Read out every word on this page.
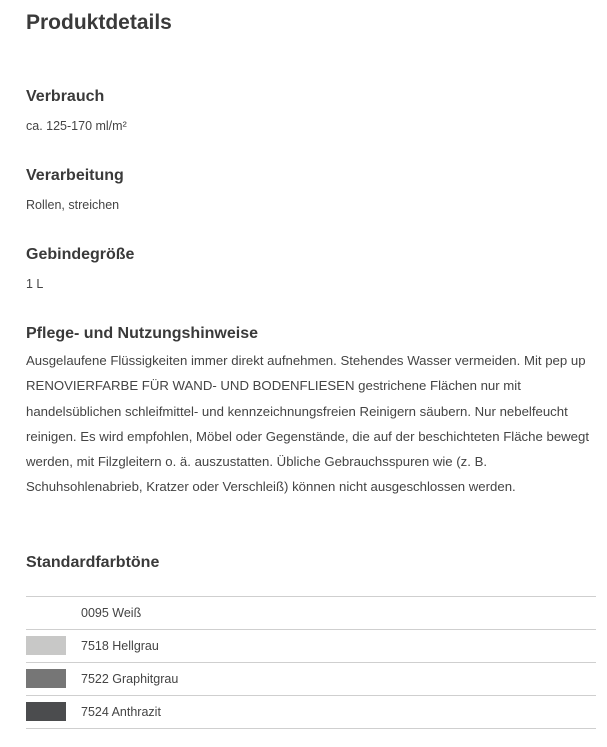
Produktdetails
Verbrauch

ca. 125-170 ml/m²

Verarbeitung

Rollen, streichen

Gebindegröße

1 L

Pflege- und Nutzungshinweise

Ausgelaufene Flüssigkeiten immer direkt aufnehmen. Stehendes Wasser vermeiden. Mit pep up RENOVIERFARBE FÜR WAND- UND BODENFLIESEN gestrichene Flächen nur mit handelsüblichen schleifmittel- und kennzeichnungsfreien Reinigern säubern. Nur nebelfeucht reinigen. Es wird empfohlen, Möbel oder Gegenstände, die auf der beschichteten Fläche bewegt werden, mit Filzgleitern o. ä. auszustatten. Übliche Gebrauchsspuren wie (z. B. Schuhsohlenabrieb, Kratzer oder Verschleiß) können nicht ausgeschlossen werden.

Standardfarbtöne
0095 Weiß
7518 Hellgrau
7522 Graphitgrau
7524 Anthrazit
